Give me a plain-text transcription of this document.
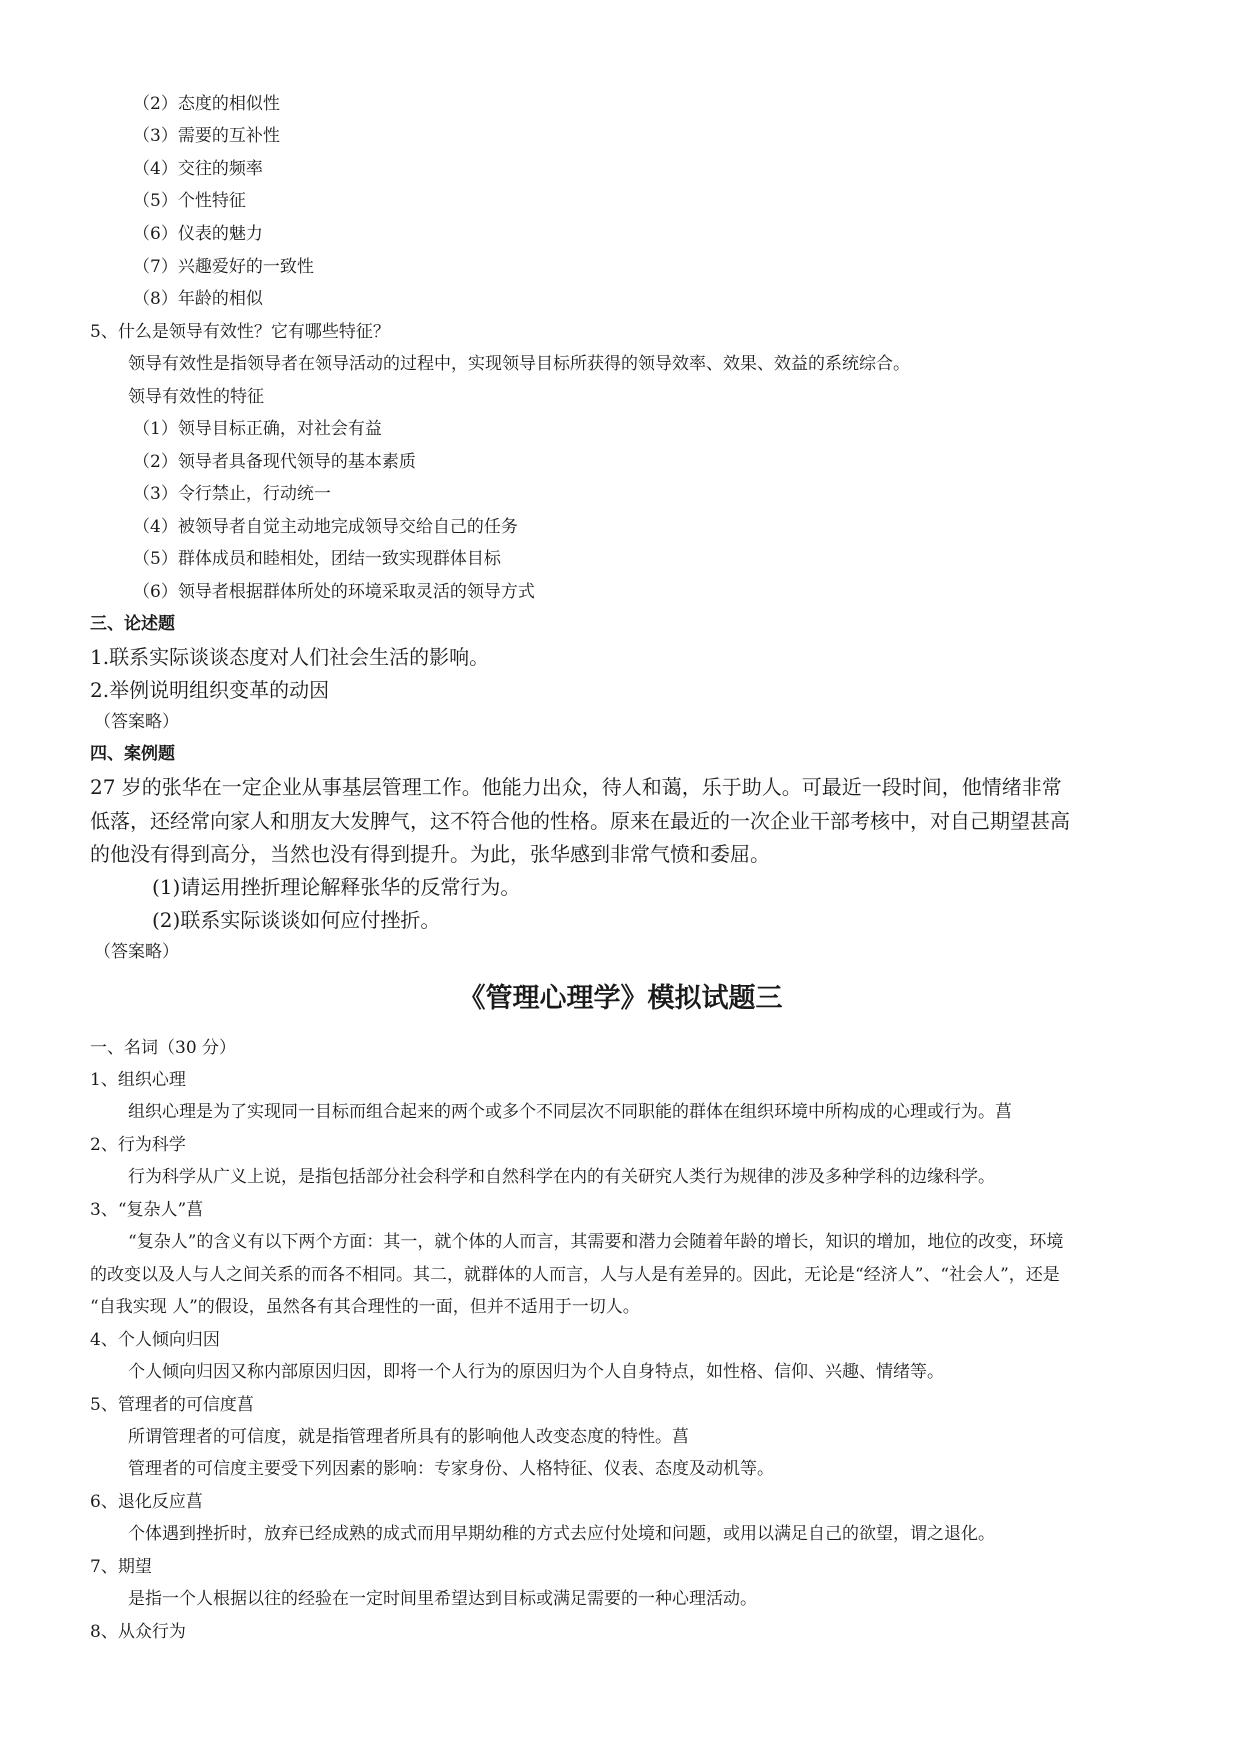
（2）态度的相似性
（3）需要的互补性
（4）交往的频率
（5）个性特征
（6）仪表的魅力
（7）兴趣爱好的一致性
（8）年龄的相似
5、什么是领导有效性？它有哪些特征？
领导有效性是指领导者在领导活动的过程中，实现领导目标所获得的领导效率、效果、效益的系统综合。
领导有效性的特征
（1）领导目标正确，对社会有益
（2）领导者具备现代领导的基本素质
（3）令行禁止，行动统一
（4）被领导者自觉主动地完成领导交给自己的任务
（5）群体成员和睦相处，团结一致实现群体目标
（6）领导者根据群体所处的环境采取灵活的领导方式
三、论述题
1.联系实际谈谈态度对人们社会生活的影响。
2.举例说明组织变革的动因
（答案略）
四、案例题
27 岁的张华在一定企业从事基层管理工作。他能力出众，待人和蔼，乐于助人。可最近一段时间，他情绪非常
低落，还经常向家人和朋友大发脾气，这不符合他的性格。原来在最近的一次企业干部考核中，对自己期望甚高
的他没有得到高分，当然也没有得到提升。为此，张华感到非常气愤和委屈。
(1)请运用挫折理论解释张华的反常行为。
(2)联系实际谈谈如何应付挫折。
（答案略）
《管理心理学》模拟试题三
一、名词（30 分）
1、组织心理
组织心理是为了实现同一目标而组合起来的两个或多个不同层次不同职能的群体在组织环境中所构成的心理或行为。菖
2、行为科学
行为科学从广义上说，是指包括部分社会科学和自然科学在内的有关研究人类行为规律的涉及多种学科的边缘科学。
3、“复杂人”菖
“复杂人”的含义有以下两个方面：其一，就个体的人而言，其需要和潜力会随着年龄的增长，知识的增加，地位的改变，环境
的改变以及人与人之间关系的而各不相同。其二，就群体的人而言，人与人是有差异的。因此，无论是“经济人”、“社会人”，还是
“自我实现 人”的假设，虽然各有其合理性的一面，但并不适用于一切人。
4、个人倾向归因
个人倾向归因又称内部原因归因，即将一个人行为的原因归为个人自身特点，如性格、信仰、兴趣、情绪等。
5、管理者的可信度菖
所谓管理者的可信度，就是指管理者所具有的影响他人改变态度的特性。菖
管理者的可信度主要受下列因素的影响：专家身份、人格特征、仪表、态度及动机等。
6、退化反应菖
个体遇到挫折时，放弃已经成熟的成式而用早期幼稚的方式去应付处境和问题，或用以满足自己的欲望，谓之退化。
7、期望
是指一个人根据以往的经验在一定时间里希望达到目标或满足需要的一种心理活动。
8、从众行为
